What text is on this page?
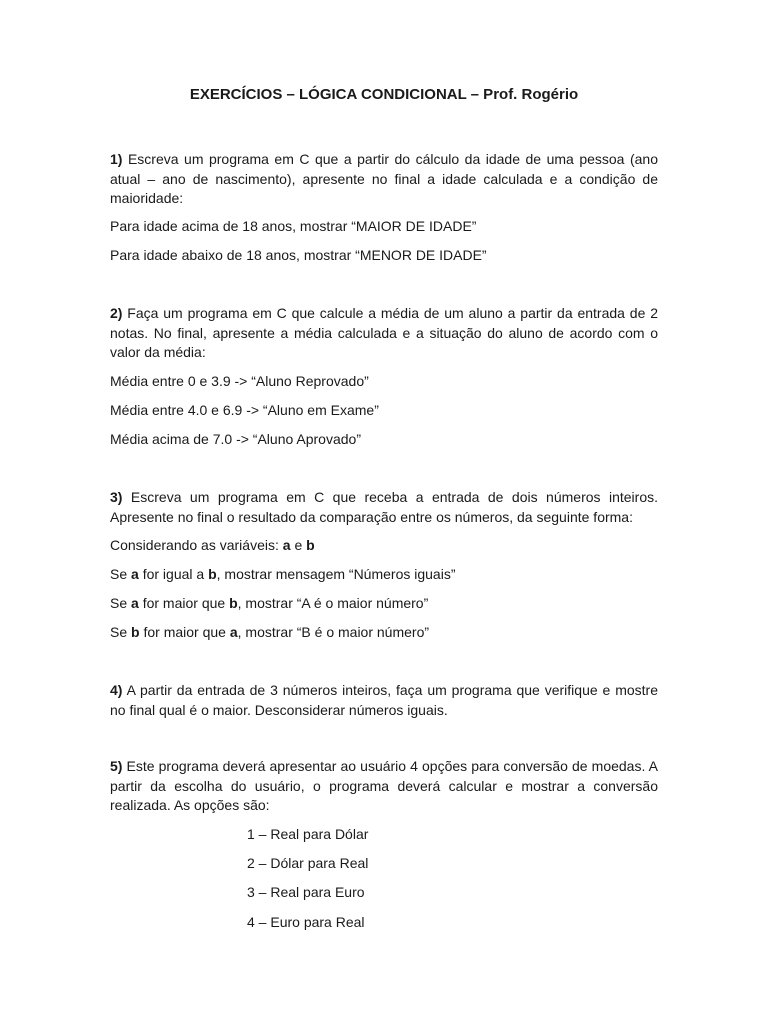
EXERCÍCIOS – LÓGICA CONDICIONAL – Prof. Rogério

1) Escreva um programa em C que a partir do cálculo da idade de uma pessoa (ano atual – ano de nascimento), apresente no final a idade calculada e a condição de maioridade:

Para idade acima de 18 anos, mostrar “MAIOR DE IDADE”

Para idade abaixo de 18 anos, mostrar “MENOR DE IDADE”

2) Faça um programa em C que calcule a média de um aluno a partir da entrada de 2 notas. No final, apresente a média calculada e a situação do aluno de acordo com o valor da média:

Média entre 0 e 3.9 -> “Aluno Reprovado”

Média entre 4.0 e 6.9 -> “Aluno em Exame”

Média acima de 7.0 -> “Aluno Aprovado”

3) Escreva um programa em C que receba a entrada de dois números inteiros. Apresente no final o resultado da comparação entre os números, da seguinte forma:

Considerando as variáveis: a e b

Se a for igual a b, mostrar mensagem “Números iguais”

Se a for maior que b, mostrar “A é o maior número”

Se b for maior que a, mostrar “B é o maior número”

4) A partir da entrada de 3 números inteiros, faça um programa que verifique e mostre no final qual é o maior. Desconsiderar números iguais.

5) Este programa deverá apresentar ao usuário 4 opções para conversão de moedas. A partir da escolha do usuário, o programa deverá calcular e mostrar a conversão realizada. As opções são:

1 – Real para Dólar

2 – Dólar para Real

3 – Real para Euro

4 – Euro para Real
